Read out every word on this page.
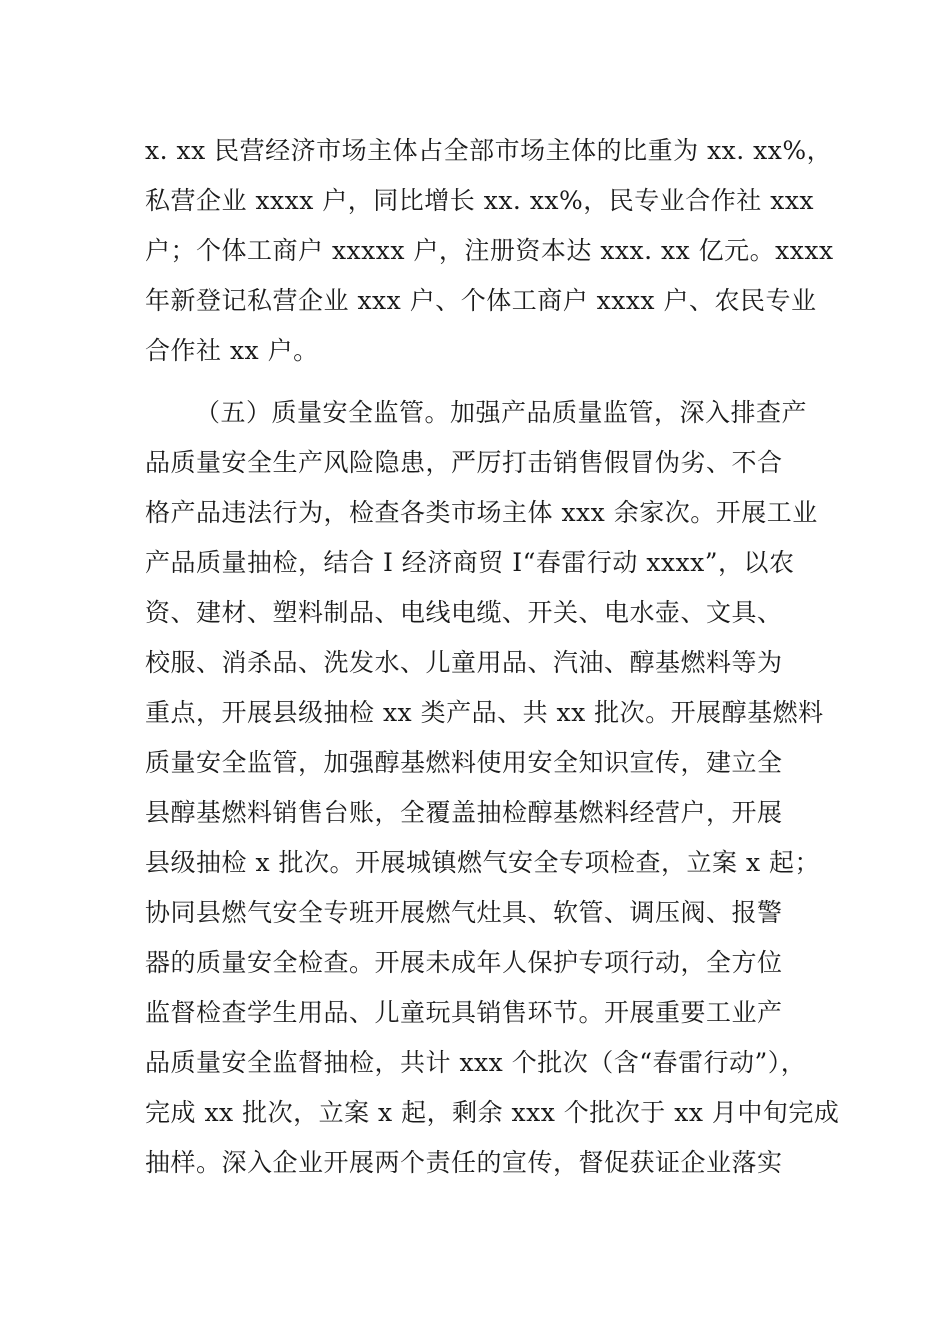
x. xx 民营经济市场主体占全部市场主体的比重为 xx. xx%，
私营企业 xxxx 户，同比增长 xx. xx%，民专业合作社 xxx
户；个体工商户 xxxxx 户，注册资本达 xxx. xx 亿元。xxxx
年新登记私营企业 xxx 户、个体工商户 xxxx 户、农民专业
合作社 xx 户。
（五）质量安全监管。加强产品质量监管，深入排查产
品质量安全生产风险隐患，严厉打击销售假冒伪劣、不合
格产品违法行为，检查各类市场主体 xxx 余家次。开展工业
产品质量抽检，结合 I 经济商贸 I“春雷行动 xxxx”，以农
资、建材、塑料制品、电线电缆、开关、电水壶、文具、
校服、消杀品、洗发水、儿童用品、汽油、醇基燃料等为
重点，开展县级抽检 xx 类产品、共 xx 批次。开展醇基燃料
质量安全监管，加强醇基燃料使用安全知识宣传，建立全
县醇基燃料销售台账，全覆盖抽检醇基燃料经营户，开展
县级抽检 x 批次。开展城镇燃气安全专项检查，立案 x 起；
协同县燃气安全专班开展燃气灶具、软管、调压阀、报警
器的质量安全检查。开展未成年人保护专项行动，全方位
监督检查学生用品、儿童玩具销售环节。开展重要工业产
品质量安全监督抽检，共计 xxx 个批次（含“春雷行动”），
完成 xx 批次，立案 x 起，剩余 xxx 个批次于 xx 月中旬完成
抽样。深入企业开展两个责任的宣传，督促获证企业落实
